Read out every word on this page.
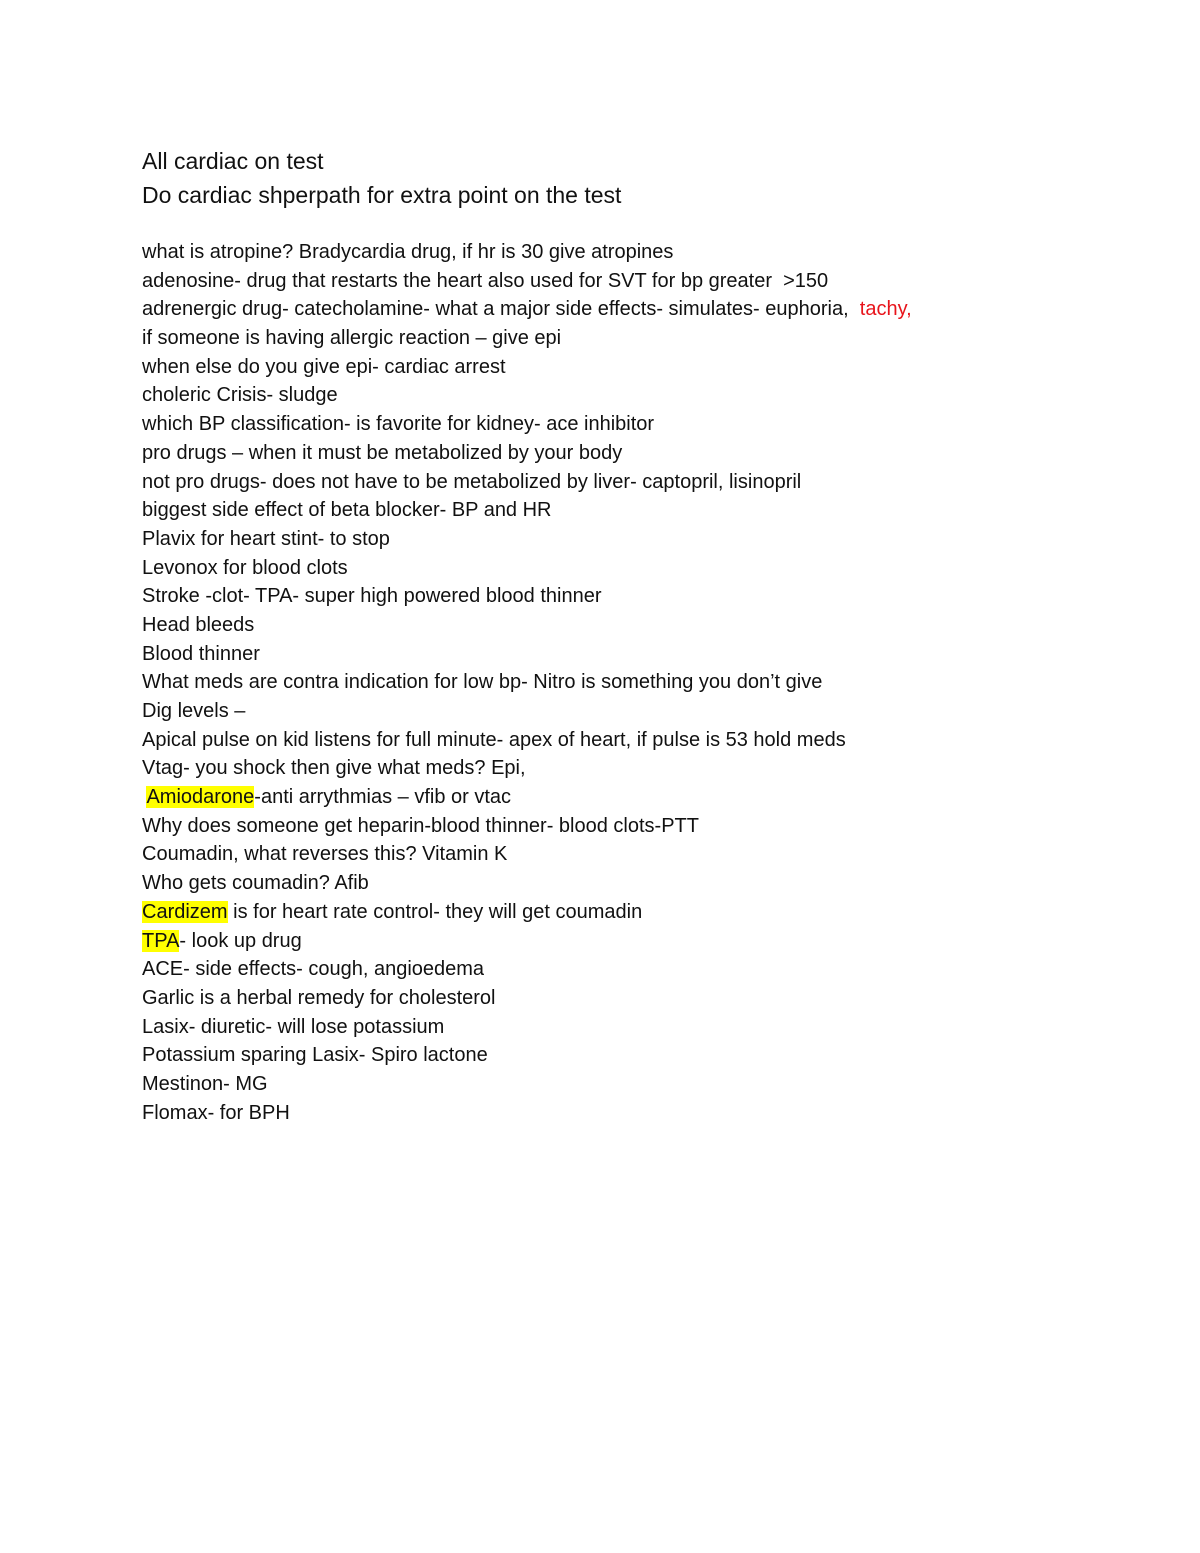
All cardiac on test
Do cardiac shperpath for extra point on the test
what is atropine? Bradycardia drug, if hr is 30 give atropines
adenosine- drug that restarts the heart also used for SVT for bp greater  >150
adrenergic drug- catecholamine- what a major side effects- simulates- euphoria,  tachy,
if someone is having allergic reaction – give epi
when else do you give epi- cardiac arrest
choleric Crisis- sludge
which BP classification- is favorite for kidney- ace inhibitor
pro drugs – when it must be metabolized by your body
not pro drugs- does not have to be metabolized by liver- captopril, lisinopril
biggest side effect of beta blocker- BP and HR
Plavix for heart stint- to stop
Levonox for blood clots
Stroke -clot- TPA- super high powered blood thinner
Head bleeds
Blood thinner
What meds are contra indication for low bp- Nitro is something you don’t give
Dig levels –
Apical pulse on kid listens for full minute- apex of heart, if pulse is 53 hold meds
Vtag- you shock then give what meds? Epi,
Amiodarone-anti arrythmias – vfib or vtac
Why does someone get heparin-blood thinner- blood clots-PTT
Coumadin, what reverses this? Vitamin K
Who gets coumadin? Afib
Cardizem is for heart rate control- they will get coumadin
TPA- look up drug
ACE- side effects- cough, angioedema
Garlic is a herbal remedy for cholesterol
Lasix- diuretic- will lose potassium
Potassium sparing Lasix- Spiro lactone
Mestinon- MG
Flomax- for BPH
